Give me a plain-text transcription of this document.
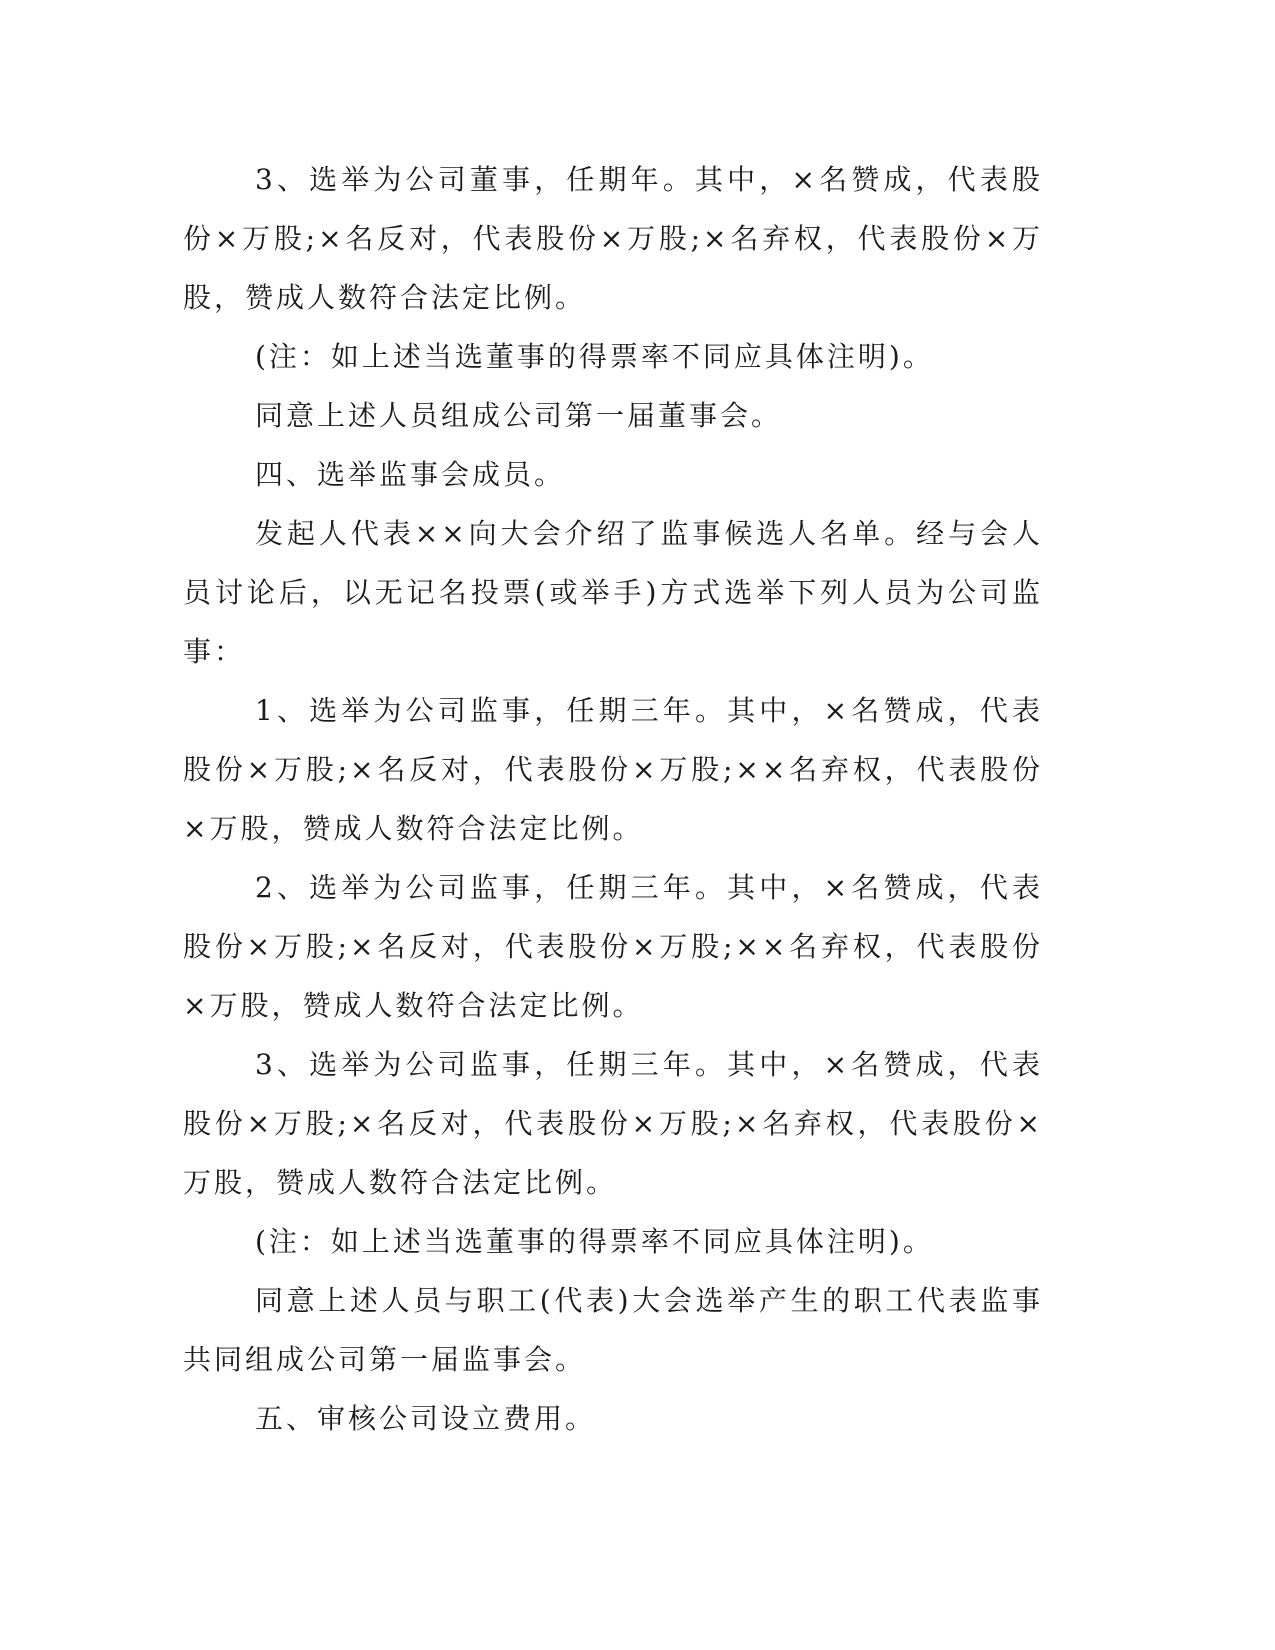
3、选举为公司董事，任期年。其中，×名赞成，代表股份×万股;×名反对，代表股份×万股;×名弃权，代表股份×万股，赞成人数符合法定比例。

(注：如上述当选董事的得票率不同应具体注明)。

同意上述人员组成公司第一届董事会。

四、选举监事会成员。

发起人代表××向大会介绍了监事候选人名单。经与会人员讨论后，以无记名投票(或举手)方式选举下列人员为公司监事：

1、选举为公司监事，任期三年。其中，×名赞成，代表股份×万股;×名反对，代表股份×万股;××名弃权，代表股份×万股，赞成人数符合法定比例。

2、选举为公司监事，任期三年。其中，×名赞成，代表股份×万股;×名反对，代表股份×万股;××名弃权，代表股份×万股，赞成人数符合法定比例。

3、选举为公司监事，任期三年。其中，×名赞成，代表股份×万股;×名反对，代表股份×万股;×名弃权，代表股份×万股，赞成人数符合法定比例。

(注：如上述当选董事的得票率不同应具体注明)。

同意上述人员与职工(代表)大会选举产生的职工代表监事共同组成公司第一届监事会。

五、审核公司设立费用。
